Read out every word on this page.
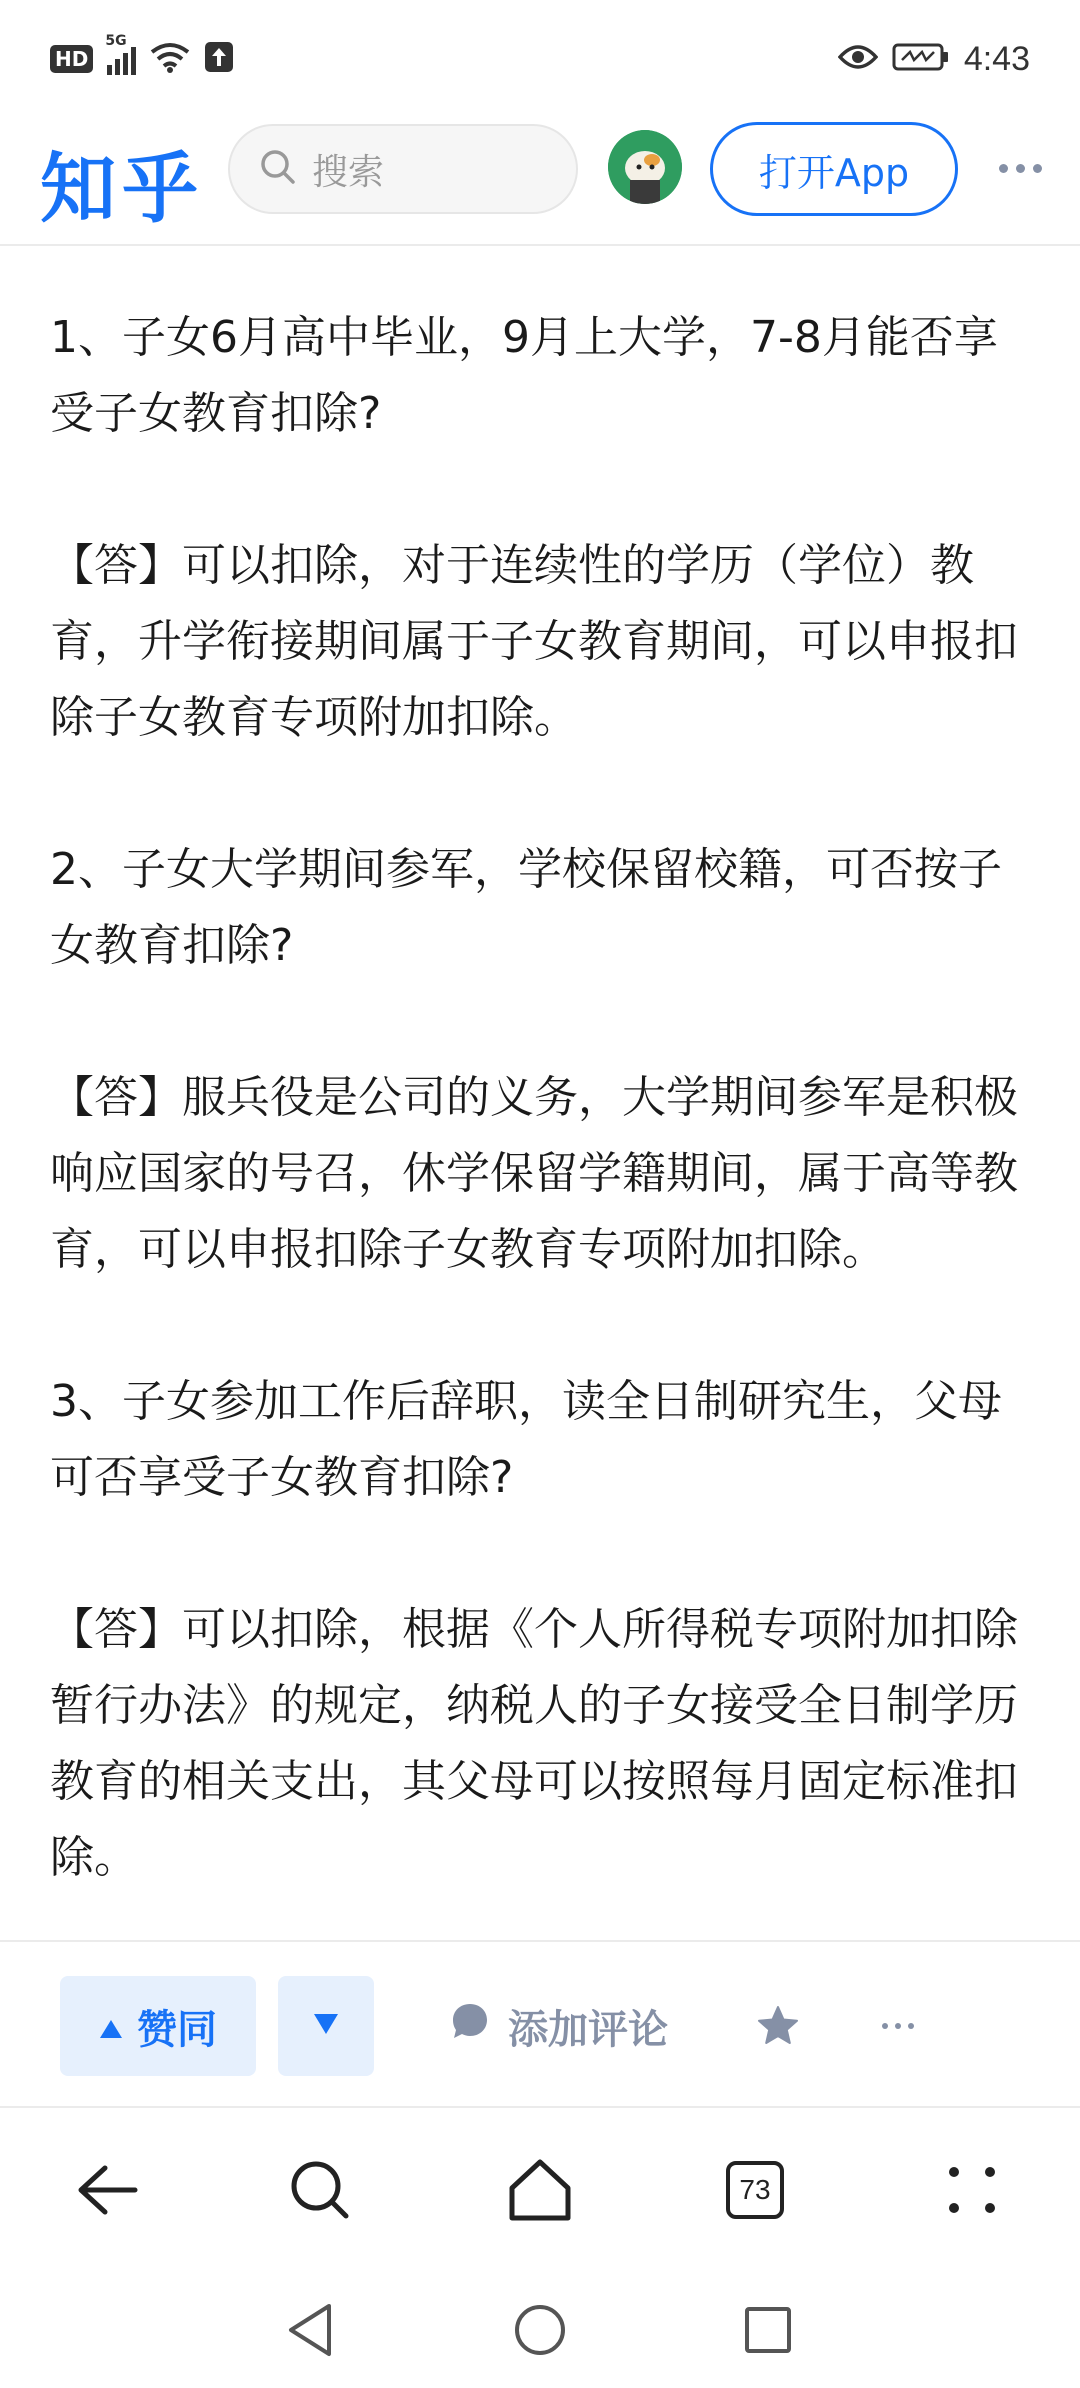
HD
5G	4:43
知乎	搜索	打开App

1、子女6月高中毕业，9月上大学，7-8月能否享受子女教育扣除?

【答】可以扣除，对于连续性的学历（学位）教育，升学衔接期间属于子女教育期间，可以申报扣除子女教育专项附加扣除。

2、子女大学期间参军，学校保留校籍，可否按子女教育扣除?

【答】服兵役是公司的义务，大学期间参军是积极响应国家的号召，休学保留学籍期间，属于高等教育，可以申报扣除子女教育专项附加扣除。

3、子女参加工作后辞职，读全日制研究生，父母可否享受子女教育扣除?

【答】可以扣除，根据《个人所得税专项附加扣除暂行办法》的规定，纳税人的子女接受全日制学历教育的相关支出，其父母可以按照每月固定标准扣除。

赞同	添加评论
73
